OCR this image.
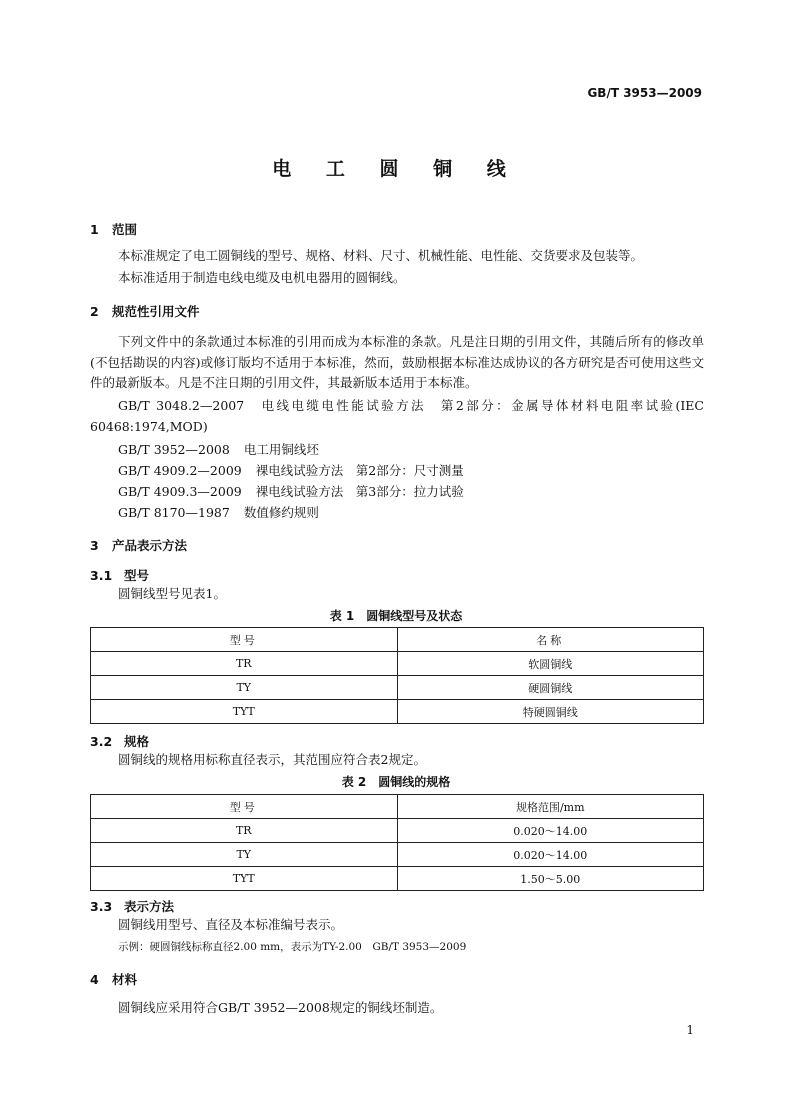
GB/T 3953—2009
电 工 圆 铜 线
1 范围
本标准规定了电工圆铜线的型号、规格、材料、尺寸、机械性能、电性能、交货要求及包装等。
本标准适用于制造电线电缆及电机电器用的圆铜线。
2 规范性引用文件
下列文件中的条款通过本标准的引用而成为本标准的条款。凡是注日期的引用文件，其随后所有的修改单(不包括勘误的内容)或修订版均不适用于本标准，然而，鼓励根据本标准达成协议的各方研究是否可使用这些文件的最新版本。凡是不注日期的引用文件，其最新版本适用于本标准。
GB/T 3048.2—2007　电线电缆电性能试验方法　第2部分：金属导体材料电阻率试验(IEC 60468:1974,MOD)
GB/T 3952—2008 电工用铜线坯
GB/T 4909.2—2009 裸电线试验方法　第2部分：尺寸测量
GB/T 4909.3—2009 裸电线试验方法　第3部分：拉力试验
GB/T 8170—1987 数值修约规则
3 产品表示方法
3.1 型号
圆铜线型号见表1。
表 1　圆铜线型号及状态
型号	名称
TR	软圆铜线
TY	硬圆铜线
TYT	特硬圆铜线
3.2 规格
圆铜线的规格用标称直径表示，其范围应符合表2规定。
表 2　圆铜线的规格
型号	规格范围/mm
TR	0.020～14.00
TY	0.020～14.00
TYT	1.50～5.00
3.3 表示方法
圆铜线用型号、直径及本标准编号表示。
示例：硬圆铜线标称直径2.00 mm，表示为TY-2.00　GB/T 3953—2009
4 材料
圆铜线应采用符合GB/T 3952—2008规定的铜线坯制造。
1
